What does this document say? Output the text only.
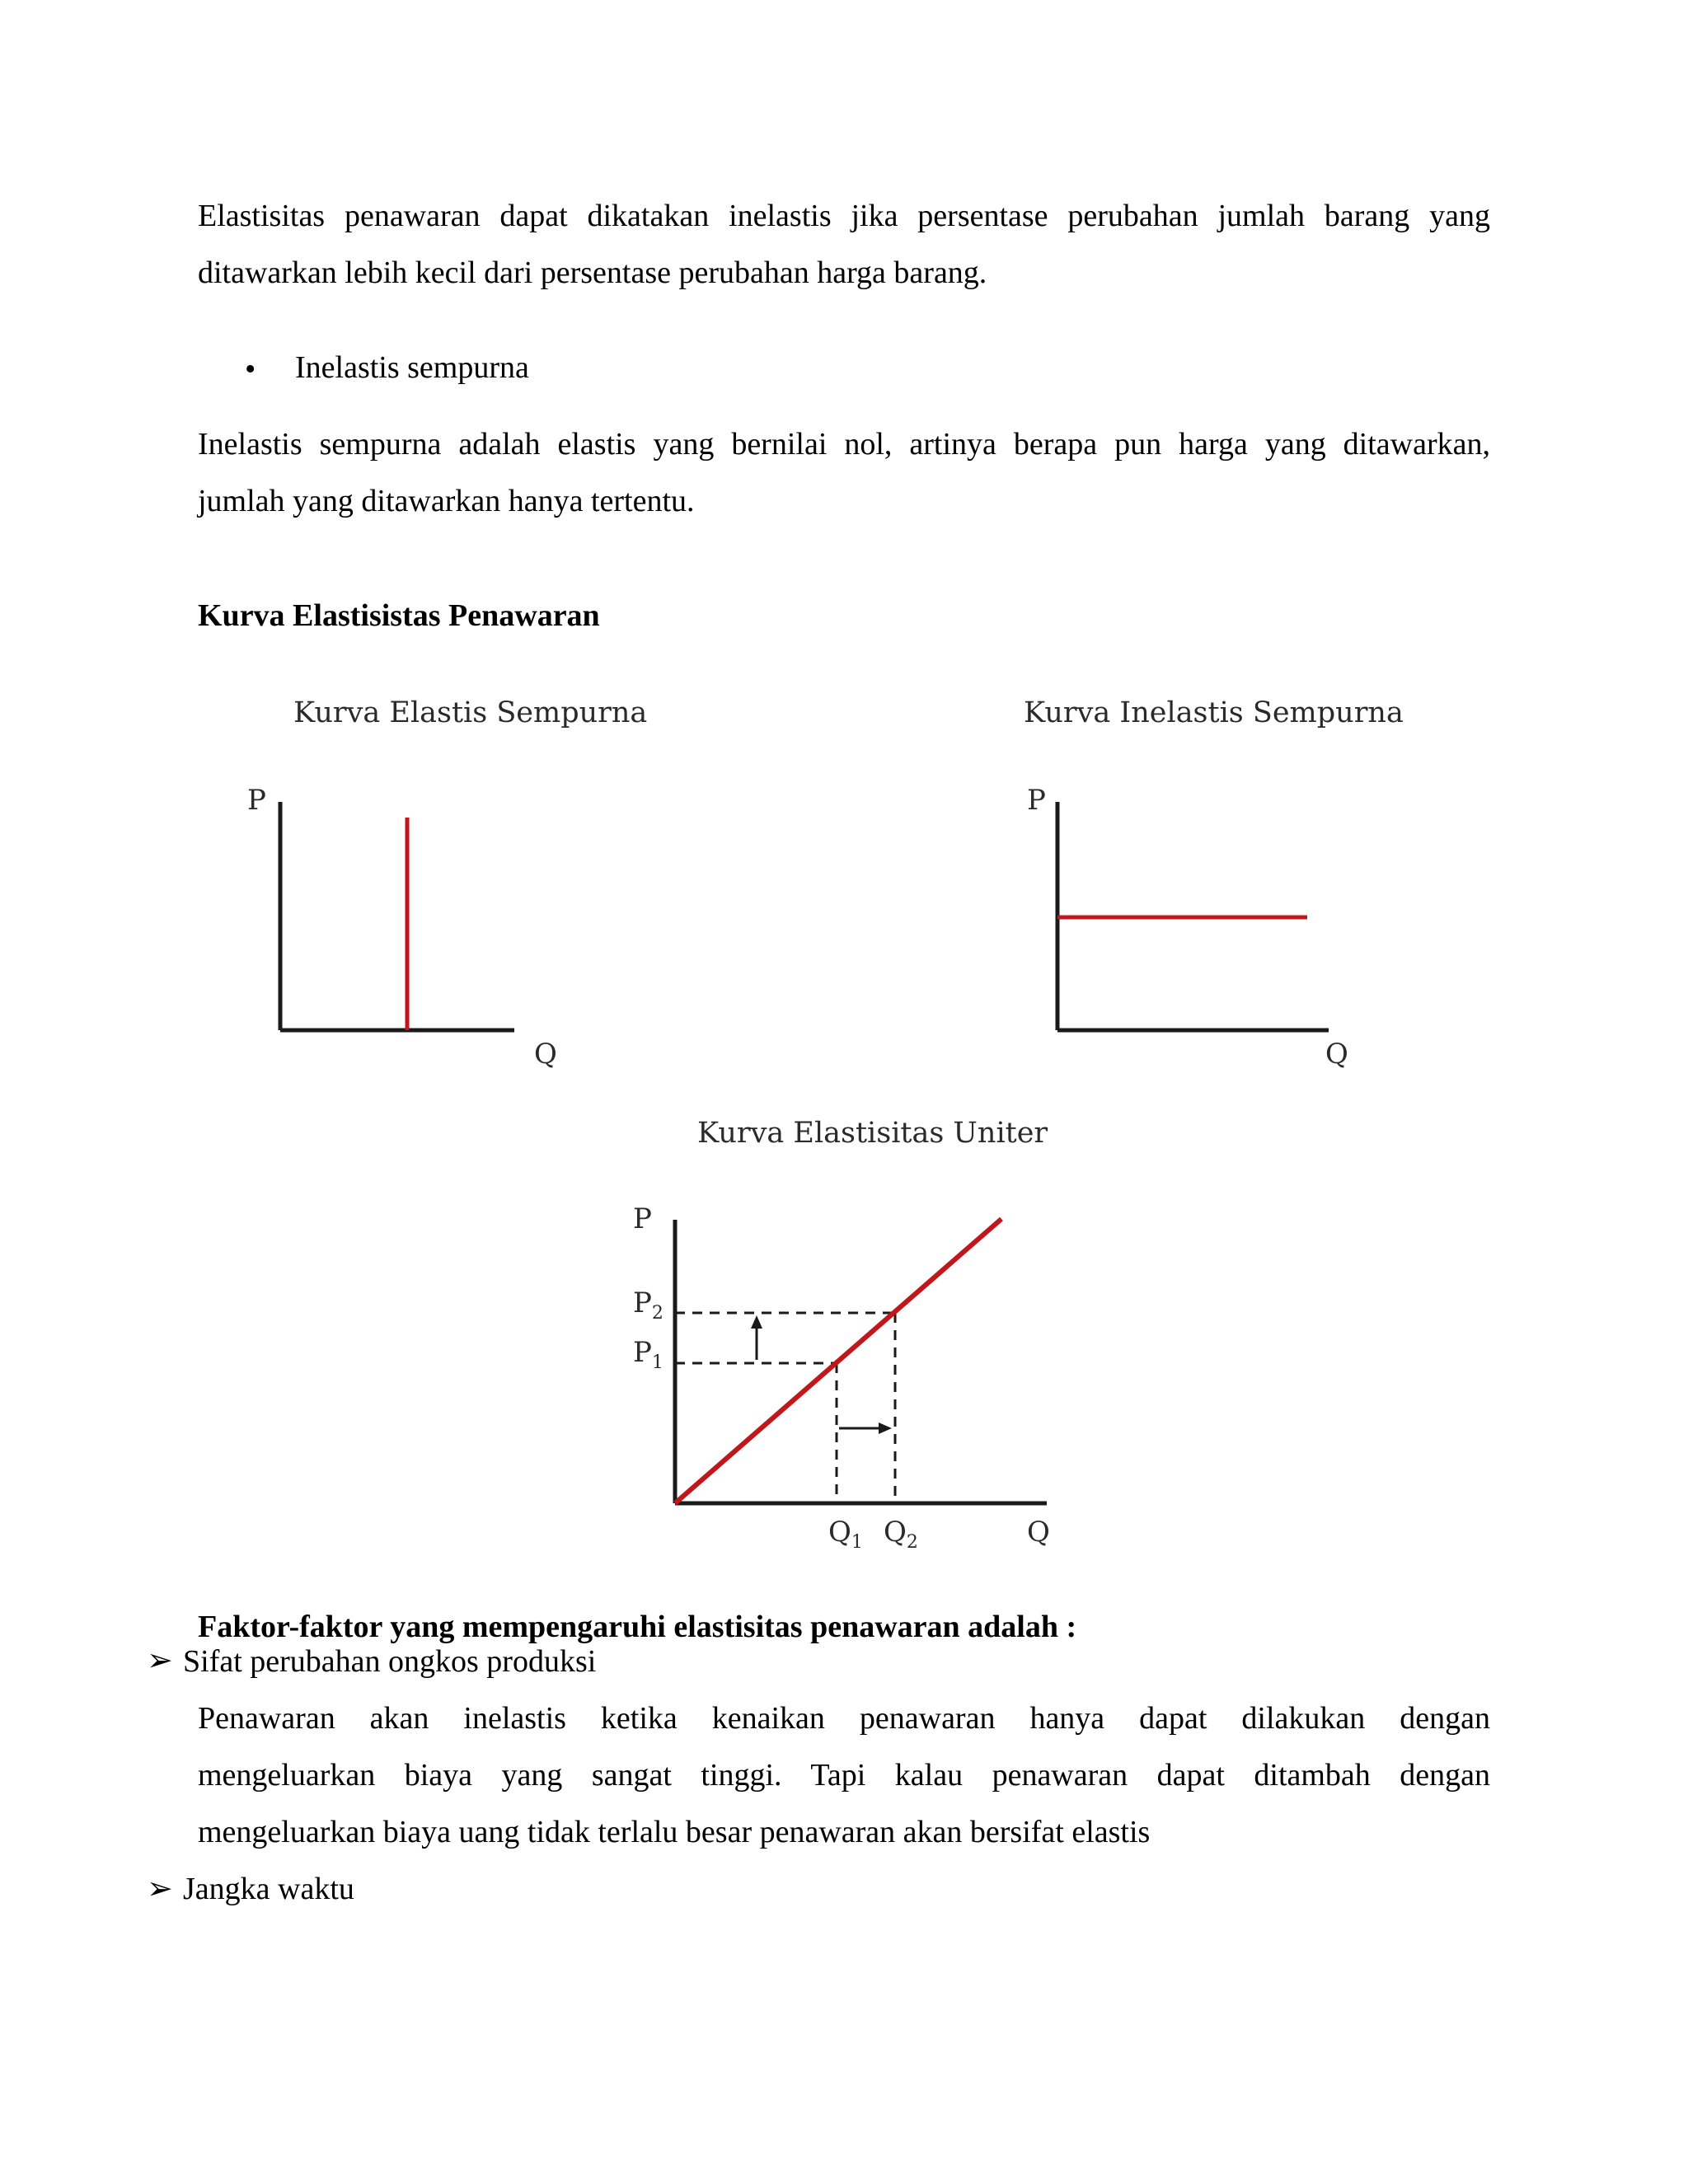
Elastisitas penawaran dapat dikatakan inelastis jika persentase perubahan jumlah barang yang
ditawarkan lebih kecil dari persentase perubahan harga barang.
• Inelastis sempurna
Inelastis sempurna adalah elastis yang bernilai nol, artinya berapa pun harga yang ditawarkan,
jumlah yang ditawarkan hanya tertentu.
Kurva Elastisistas Penawaran
Kurva Elastis Sempurna	Kurva Inelastis Sempurna
Kurva Elastisitas Uniter
P
Q
P
Q
P
$P_2$
$P_1$
$Q_1$ $Q_2$	Q
Faktor-faktor yang mempengaruhi elastisitas penawaran adalah :
➢ Sifat perubahan ongkos produksi
Penawaran akan inelastis ketika kenaikan penawaran hanya dapat dilakukan dengan
mengeluarkan biaya yang sangat tinggi. Tapi kalau penawaran dapat ditambah dengan
mengeluarkan biaya uang tidak terlalu besar penawaran akan bersifat elastis
➢ Jangka waktu
